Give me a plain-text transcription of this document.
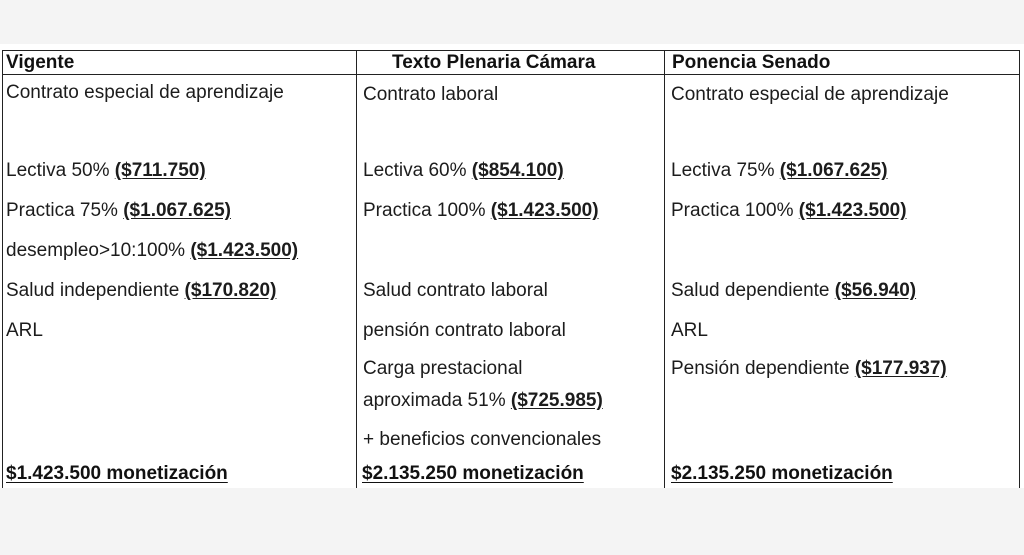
Vigente	Texto Plenaria Cámara	Ponencia Senado
Contrato especial de aprendizaje
Lectiva 50% ($711.750)
Practica 75% ($1.067.625)
desempleo>10:100% ($1.423.500)
Salud independiente ($170.820)
ARL
$1.423.500 monetización
Contrato laboral
Lectiva 60% ($854.100)
Practica 100% ($1.423.500)
Salud contrato laboral
pensión contrato laboral
Carga prestacional
aproximada 51% ($725.985)
+ beneficios convencionales
$2.135.250 monetización
Contrato especial de aprendizaje
Lectiva 75% ($1.067.625)
Practica 100% ($1.423.500)
Salud dependiente ($56.940)
ARL
Pensión dependiente ($177.937)
$2.135.250 monetización
